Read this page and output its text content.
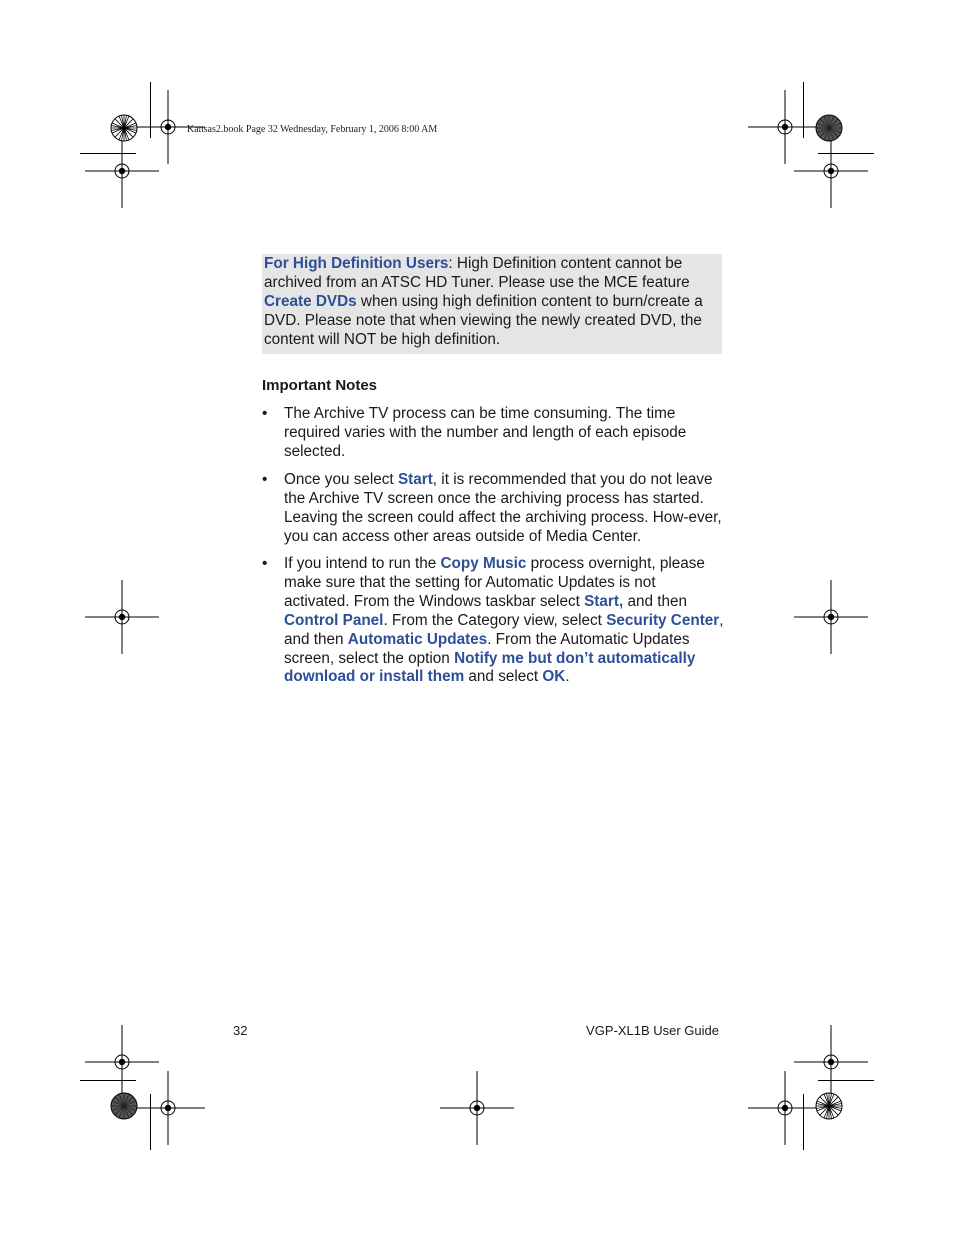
Kansas2.book Page 32 Wednesday, February 1, 2006 8:00 AM
For High Definition Users: High Definition content cannot be archived from an ATSC HD Tuner. Please use the MCE feature Create DVDs when using high definition content to burn/create a DVD. Please note that when viewing the newly created DVD, the content will NOT be high definition.
Important Notes
• The Archive TV process can be time consuming. The time required varies with the number and length of each episode selected.
• Once you select Start, it is recommended that you do not leave the Archive TV screen once the archiving process has started. Leaving the screen could affect the archiving process. How-ever, you can access other areas outside of Media Center.
• If you intend to run the Copy Music process overnight, please make sure that the setting for Automatic Updates is not activated. From the Windows taskbar select Start, and then Control Panel. From the Category view, select Security Center, and then Automatic Updates. From the Automatic Updates screen, select the option Notify me but don’t automatically download or install them and select OK.
32	VGP-XL1B User Guide
